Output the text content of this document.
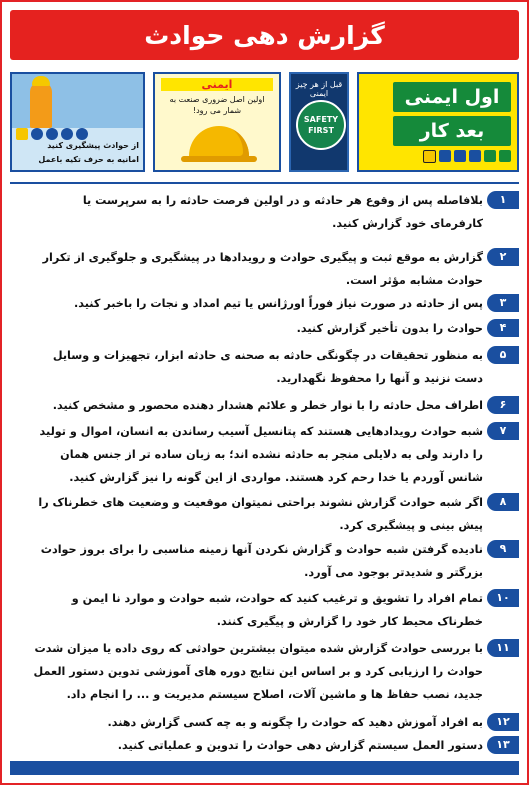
گزارش دهی حوادث
اول ایمنی
بعد کار
قبل از هر چیز ایمنی
SAFETY FIRST
ایمنی
اولین اصل ضروری صنعت به شمار می رود!
از حوادث پیشگیری کنید
امانیه به حرف تکیه باعمل
۱
بلافاصله پس از وقوع هر حادثه و در اولین فرصت حادثه را به سرپرست یا
کارفرمای خود گزارش کنید.
۲
گزارش به موقع ثبت و پیگیری حوادث و رویدادها در پیشگیری و جلوگیری از تکرار
حوادث مشابه مؤثر است.
۳
پس از حادثه در صورت نیاز فوراً اورژانس یا تیم امداد و نجات را باخبر کنید.
۴
حوادث را بدون تأخیر گزارش کنید.
۵
به منظور تحقیقات در چگونگی حادثه به صحنه ی حادثه ابزار، تجهیزات و وسایل
دست نزنید و آنها را محفوظ نگهدارید.
۶
اطراف محل حادثه را با نوار خطر و علائم هشدار دهنده محصور و مشخص کنید.
۷
شبه حوادث رویدادهایی هستند که پتانسیل آسیب رساندن به انسان، اموال و تولید
را دارند ولی به دلایلی منجر به حادثه نشده اند؛ به زبان ساده تر از جنس همان
شانس آوردم یا خدا رحم کرد هستند. مواردی از این گونه را نیز گزارش کنید.
۸
اگر شبه حوادث گزارش نشوند براحتی نمیتوان موقعیت و وضعیت های خطرناک را
پیش بینی و پیشگیری کرد.
۹
نادیده گرفتن شبه حوادث و گزارش نکردن آنها زمینه مناسبی را برای بروز حوادث
بزرگتر و شدیدتر بوجود می آورد.
۱۰
تمام افراد را تشویق و ترغیب کنید که حوادث، شبه حوادث و موارد نا ایمن و
خطرناک محیط کار خود را گزارش و پیگیری کنند.
۱۱
با بررسی حوادث گزارش شده میتوان بیشترین حوادثی که روی داده یا میزان شدت
حوادث را ارزیابی کرد و بر اساس این نتایج دوره های آموزشی تدوین دستور العمل
جدید، نصب حفاظ ها و ماشین آلات، اصلاح سیستم مدیریت و ... را انجام داد.
۱۲
به افراد آموزش دهید که حوادث را چگونه و به چه کسی گزارش دهند.
۱۳
دستور العمل سیستم گزارش دهی حوادث را تدوین و عملیاتی کنید.
